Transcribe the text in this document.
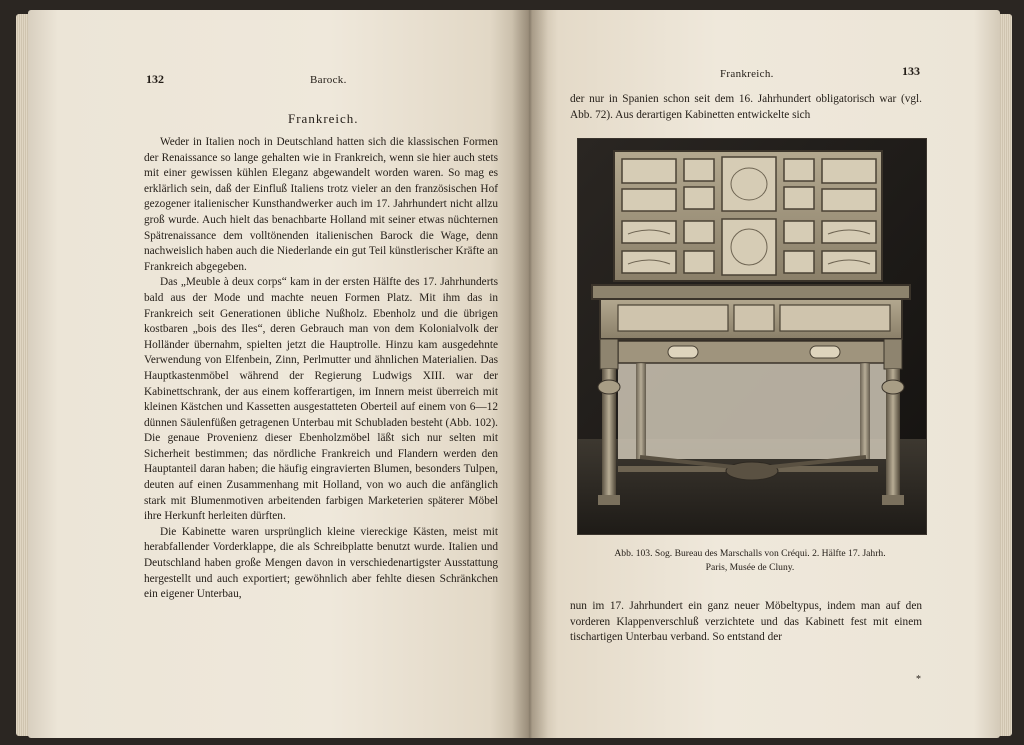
132	Barock.
Frankreich.

Weder in Italien noch in Deutschland hatten sich die klassischen Formen der Renaissance so lange gehalten wie in Frankreich, wenn sie hier auch stets mit einer gewissen kühlen Eleganz abgewandelt worden waren. So mag es erklärlich sein, daß der Einfluß Italiens trotz vieler an den französischen Hof gezogener italienischer Kunsthandwerker auch im 17. Jahrhundert nicht allzu groß wurde. Auch hielt das benachbarte Holland mit seiner etwas nüchternen Spätrenaissance dem volltönenden italienischen Barock die Wage, denn nachweislich haben auch die Niederlande ein gut Teil künstlerischer Kräfte an Frankreich abgegeben.

Das „Meuble à deux corps“ kam in der ersten Hälfte des 17. Jahrhunderts bald aus der Mode und machte neuen Formen Platz. Mit ihm das in Frankreich seit Generationen übliche Nußholz. Ebenholz und die übrigen kostbaren „bois des Iles“, deren Gebrauch man von dem Kolonialvolk der Holländer übernahm, spielten jetzt die Hauptrolle. Hinzu kam ausgedehnte Verwendung von Elfenbein, Zinn, Perlmutter und ähnlichen Materialien. Das Hauptkastenmöbel während der Regierung Ludwigs XIII. war der Kabinettschrank, der aus einem kofferartigen, im Innern meist überreich mit kleinen Kästchen und Kassetten ausgestatteten Oberteil auf einem von 6—12 dünnen Säulenfüßen getragenen Unterbau mit Schubladen besteht (Abb. 102). Die genaue Provenienz dieser Ebenholzmöbel läßt sich nur selten mit Sicherheit bestimmen; das nördliche Frankreich und Flandern werden den Hauptanteil daran haben; die häufig eingravierten Blumen, besonders Tulpen, deuten auf einen Zusammenhang mit Holland, von wo auch die anfänglich stark mit Blumenmotiven arbeitenden farbigen Marketerien späterer Möbel ihre Herkunft herleiten dürften.

Die Kabinette waren ursprünglich kleine viereckige Kästen, meist mit herabfallender Vorderklappe, die als Schreibplatte benutzt wurde. Italien und Deutschland haben große Mengen davon in verschiedenartigster Ausstattung hergestellt und auch exportiert; gewöhnlich aber fehlte diesen Schränkchen ein eigener Unterbau,

Frankreich.	133

der nur in Spanien schon seit dem 16. Jahrhundert obligatorisch war (vgl. Abb. 72). Aus derartigen Kabinetten entwickelte sich

Abb. 103. Sog. Bureau des Marschalls von Créqui. 2. Hälfte 17. Jahrh.
Paris, Musée de Cluny.

nun im 17. Jahrhundert ein ganz neuer Möbeltypus, indem man auf den vorderen Klappenverschluß verzichtete und das Kabinett fest mit einem tischartigen Unterbau verband. So entstand der

*
